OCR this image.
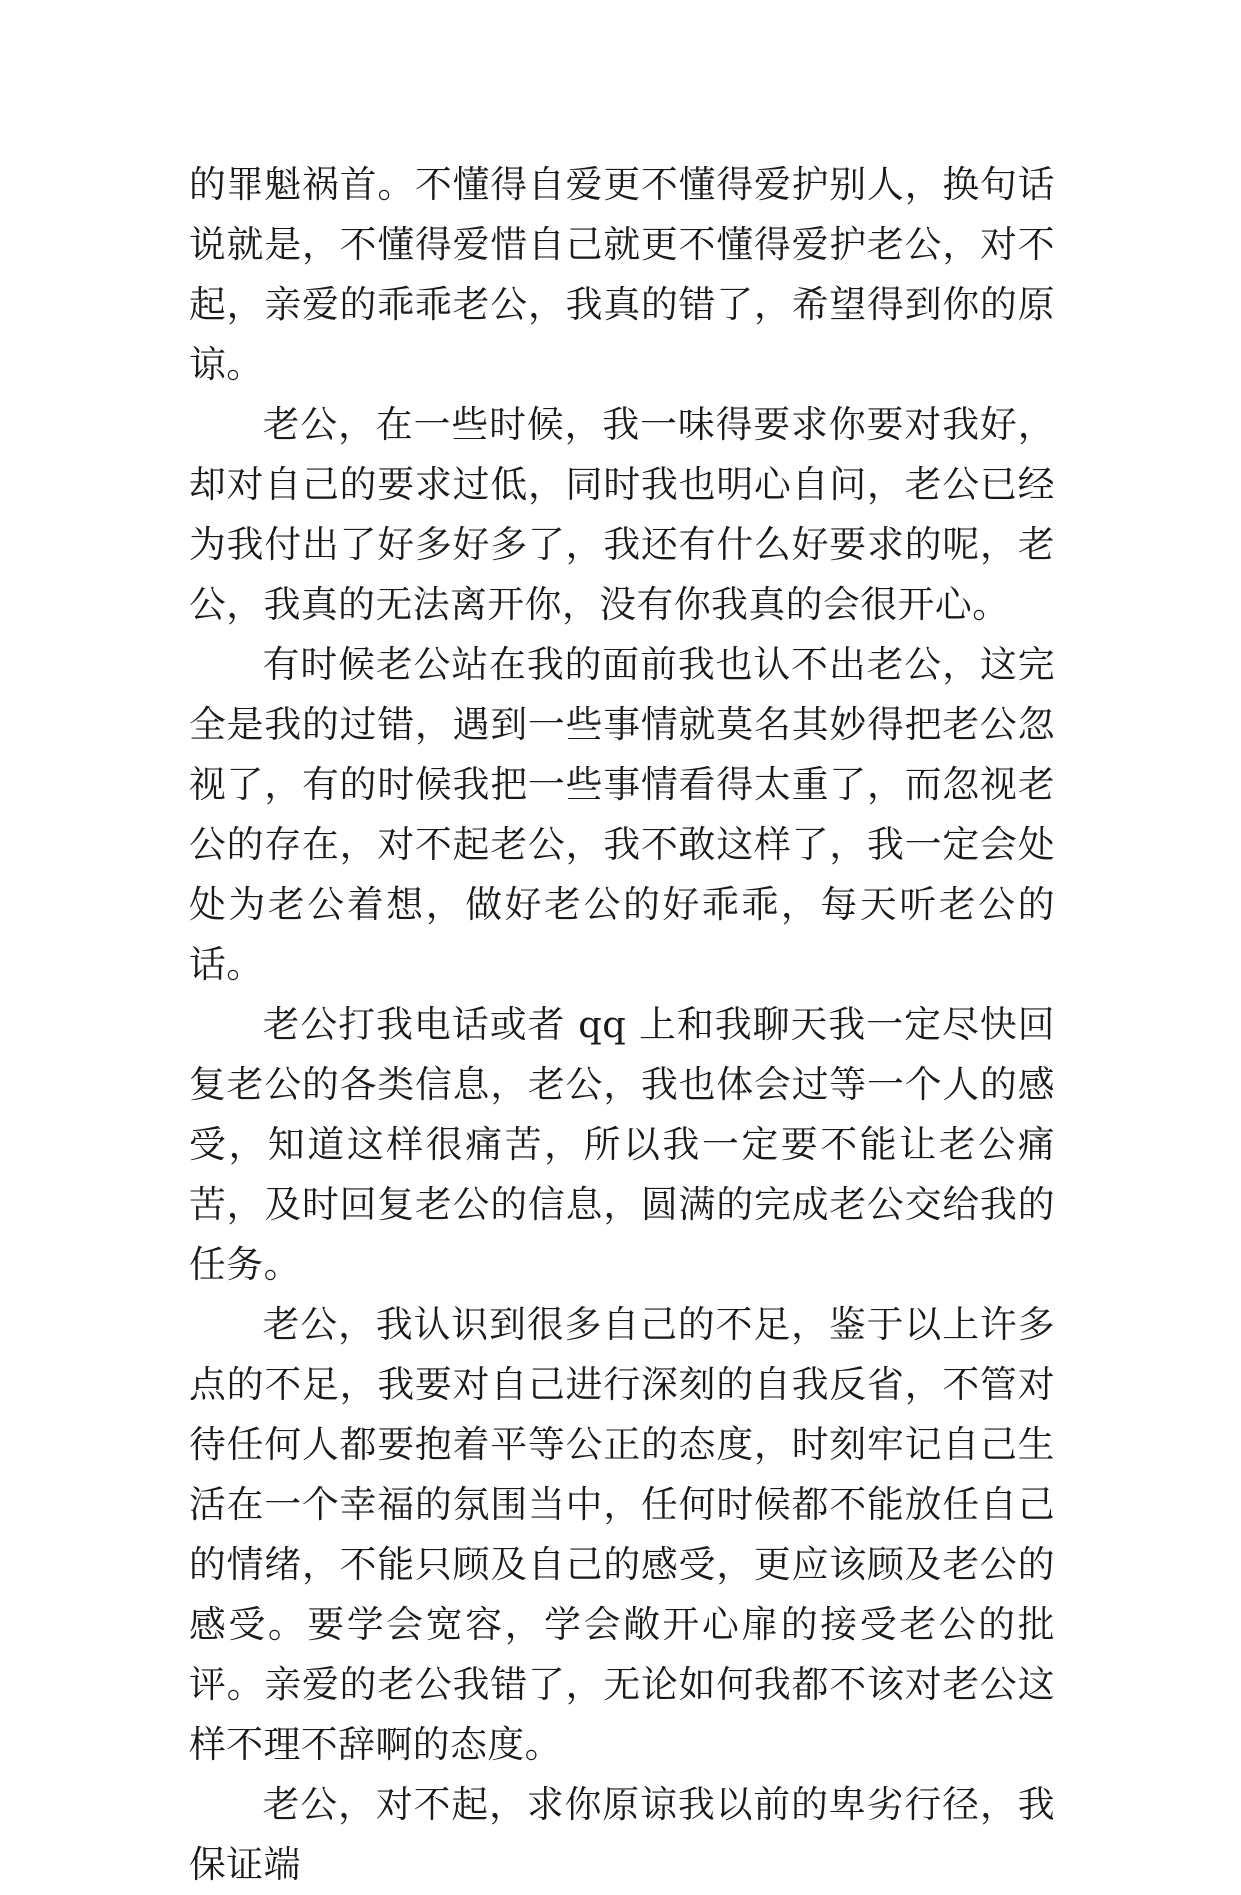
的罪魁祸首。不懂得自爱更不懂得爱护别人，换句话说就是，不懂得爱惜自己就更不懂得爱护老公，对不起，亲爱的乖乖老公，我真的错了，希望得到你的原谅。

老公，在一些时候，我一味得要求你要对我好，却对自己的要求过低，同时我也明心自问，老公已经为我付出了好多好多了，我还有什么好要求的呢，老公，我真的无法离开你，没有你我真的会很开心。

有时候老公站在我的面前我也认不出老公，这完全是我的过错，遇到一些事情就莫名其妙得把老公忽视了，有的时候我把一些事情看得太重了，而忽视老公的存在，对不起老公，我不敢这样了，我一定会处处为老公着想，做好老公的好乖乖，每天听老公的话。

老公打我电话或者 qq 上和我聊天我一定尽快回复老公的各类信息，老公，我也体会过等一个人的感受，知道这样很痛苦，所以我一定要不能让老公痛苦，及时回复老公的信息，圆满的完成老公交给我的任务。

老公，我认识到很多自己的不足，鉴于以上许多点的不足，我要对自己进行深刻的自我反省，不管对待任何人都要抱着平等公正的态度，时刻牢记自己生活在一个幸福的氛围当中，任何时候都不能放任自己的情绪，不能只顾及自己的感受，更应该顾及老公的感受。要学会宽容，学会敞开心扉的接受老公的批评。亲爱的老公我错了，无论如何我都不该对老公这样不理不辞啊的态度。

老公，对不起，求你原谅我以前的卑劣行径，我保证端
